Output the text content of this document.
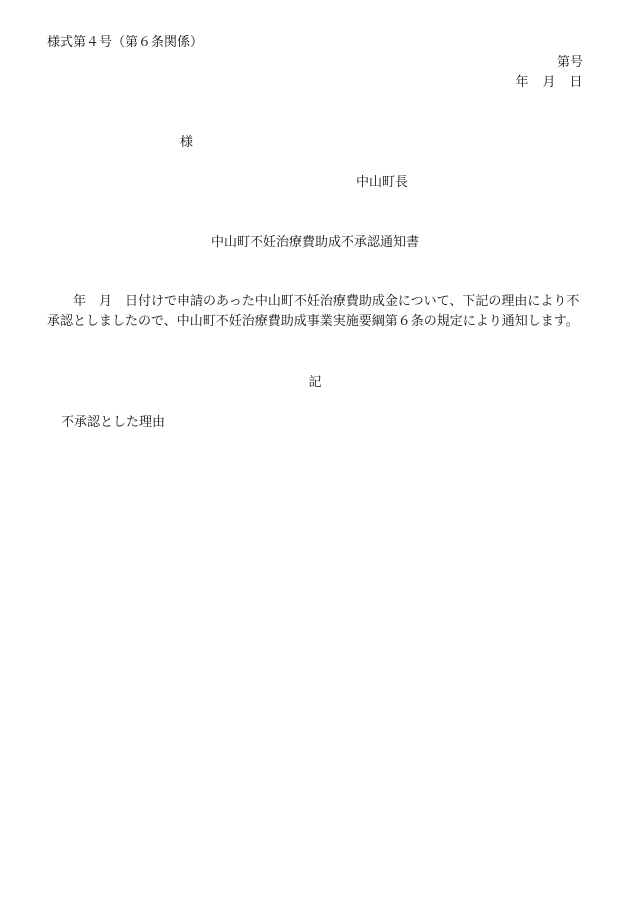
様式第４号（第６条関係）
第号
年　月　日
様
中山町長
中山町不妊治療費助成不承認通知書

年　月　日付けで申請のあった中山町不妊治療費助成金について、下記の理由により不承認としましたので、中山町不妊治療費助成事業実施要綱第６条の規定により通知します。

記
不承認とした理由
